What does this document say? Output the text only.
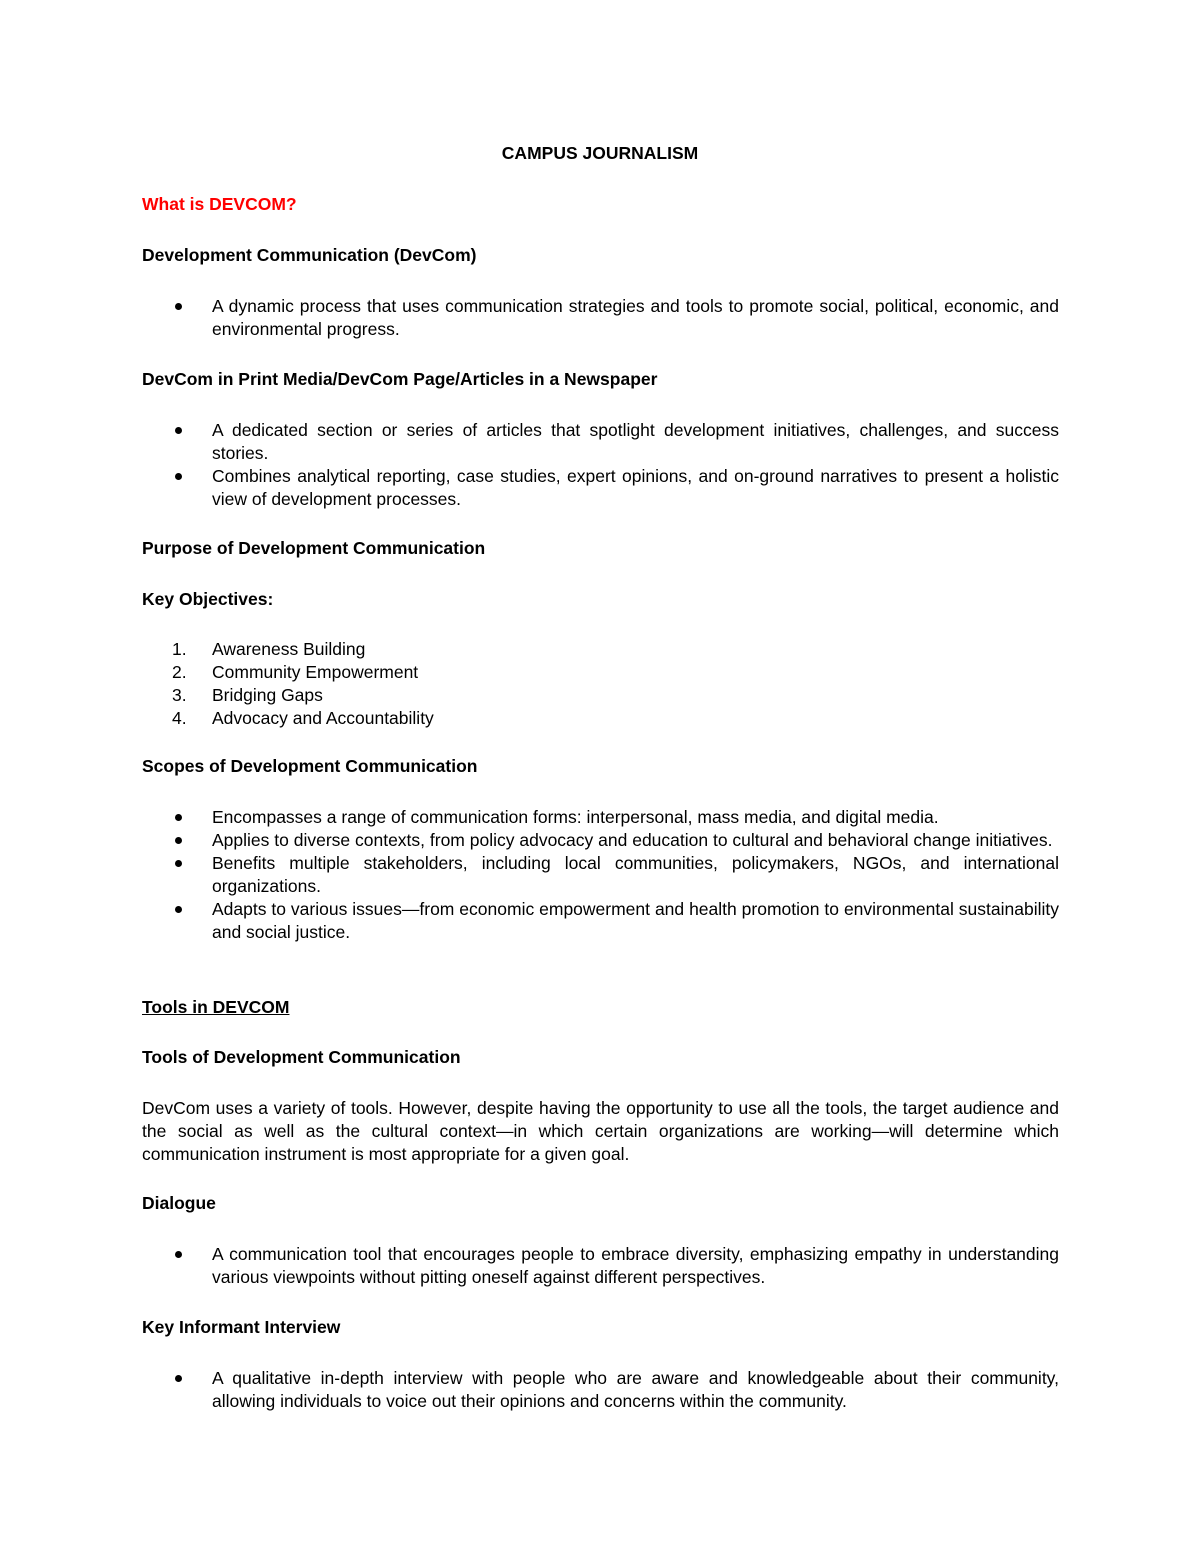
CAMPUS JOURNALISM

What is DEVCOM?

Development Communication (DevCom)

A dynamic process that uses communication strategies and tools to promote social, political, economic, and environmental progress.

DevCom in Print Media/DevCom Page/Articles in a Newspaper

A dedicated section or series of articles that spotlight development initiatives, challenges, and success stories.
Combines analytical reporting, case studies, expert opinions, and on-ground narratives to present a holistic view of development processes.

Purpose of Development Communication

Key Objectives:

1.	Awareness Building
2.	Community Empowerment
3.	Bridging Gaps
4.	Advocacy and Accountability

Scopes of Development Communication

Encompasses a range of communication forms: interpersonal, mass media, and digital media.
Applies to diverse contexts, from policy advocacy and education to cultural and behavioral change initiatives.
Benefits multiple stakeholders, including local communities, policymakers, NGOs, and international organizations.
Adapts to various issues—from economic empowerment and health promotion to environmental sustainability and social justice.

Tools in DEVCOM

Tools of Development Communication

DevCom uses a variety of tools. However, despite having the opportunity to use all the tools, the target audience and the social as well as the cultural context—in which certain organizations are working—will determine which communication instrument is most appropriate for a given goal.

Dialogue

A communication tool that encourages people to embrace diversity, emphasizing empathy in understanding various viewpoints without pitting oneself against different perspectives.

Key Informant Interview

A qualitative in-depth interview with people who are aware and knowledgeable about their community, allowing individuals to voice out their opinions and concerns within the community.
